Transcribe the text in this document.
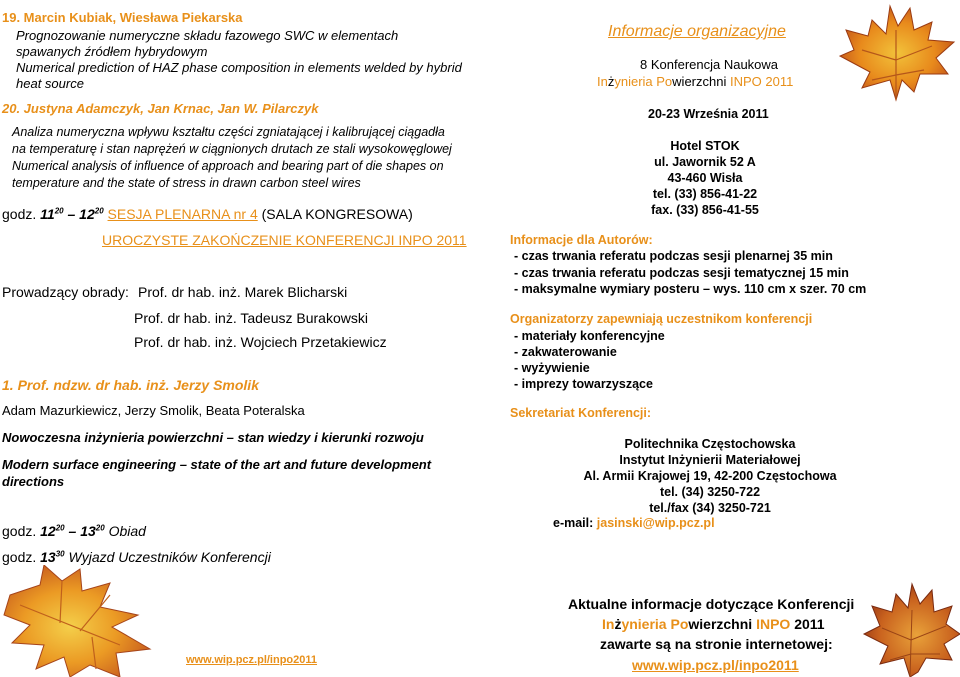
19. Marcin Kubiak, Wiesława Piekarska
Prognozowanie numeryczne składu fazowego SWC w elementach
spawanych źródłem hybrydowym
Numerical prediction of HAZ phase composition in elements welded by hybrid
heat source
20. Justyna Adamczyk, Jan Krnac, Jan W. Pilarczyk
Analiza numeryczna wpływu kształtu części zgniatającej i kalibrującej ciągadła
na temperaturę i stan naprężeń w ciągnionych drutach ze stali wysokowęglowej
Numerical analysis of influence of approach and bearing part of die shapes on
temperature and the state of stress in drawn carbon steel wires
godz. $11^{20} - 12^{20}$ SESJA PLENARNA nr 4 (SALA KONGRESOWA)
UROCZYSTE ZAKOŃCZENIE KONFERENCJI INPO 2011
Prowadzący obrady: Prof. dr hab. inż. Marek Blicharski
Prof. dr hab. inż. Tadeusz Burakowski
Prof. dr hab. inż. Wojciech Przetakiewicz
1. Prof. ndzw. dr hab. inż. Jerzy Smolik
Adam Mazurkiewicz, Jerzy Smolik, Beata Poteralska
Nowoczesna inżynieria powierzchni – stan wiedzy i kierunki rozwoju
Modern surface engineering – state of the art and future development
directions
godz. $12^{20} - 13^{20}$ Obiad
godz. $13^{30}$ Wyjazd Uczestników Konferencji
www.wip.pcz.pl/inpo2011
Informacje organizacyjne
8 Konferencja Naukowa
Inżynieria Powierzchni INPO 2011
20-23 Września 2011
Hotel STOK
ul. Jawornik 52 A
43-460 Wisła
tel. (33) 856-41-22
fax. (33) 856-41-55
Informacje dla Autorów:
- czas trwania referatu podczas sesji plenarnej 35 min
- czas trwania referatu podczas sesji tematycznej 15 min
- maksymalne wymiary posteru – wys. 110 cm x szer. 70 cm
Organizatorzy zapewniają uczestnikom konferencji
- materiały konferencyjne
- zakwaterowanie
- wyżywienie
- imprezy towarzyszące
Sekretariat Konferencji:
Politechnika Częstochowska
Instytut Inżynierii Materiałowej
Al. Armii Krajowej 19, 42-200 Częstochowa
tel. (34) 3250-722
tel./fax (34) 3250-721
e-mail: jasinski@wip.pcz.pl
Aktualne informacje dotyczące Konferencji
Inżynieria Powierzchni INPO 2011
zawarte są na stronie internetowej:
www.wip.pcz.pl/inpo2011
